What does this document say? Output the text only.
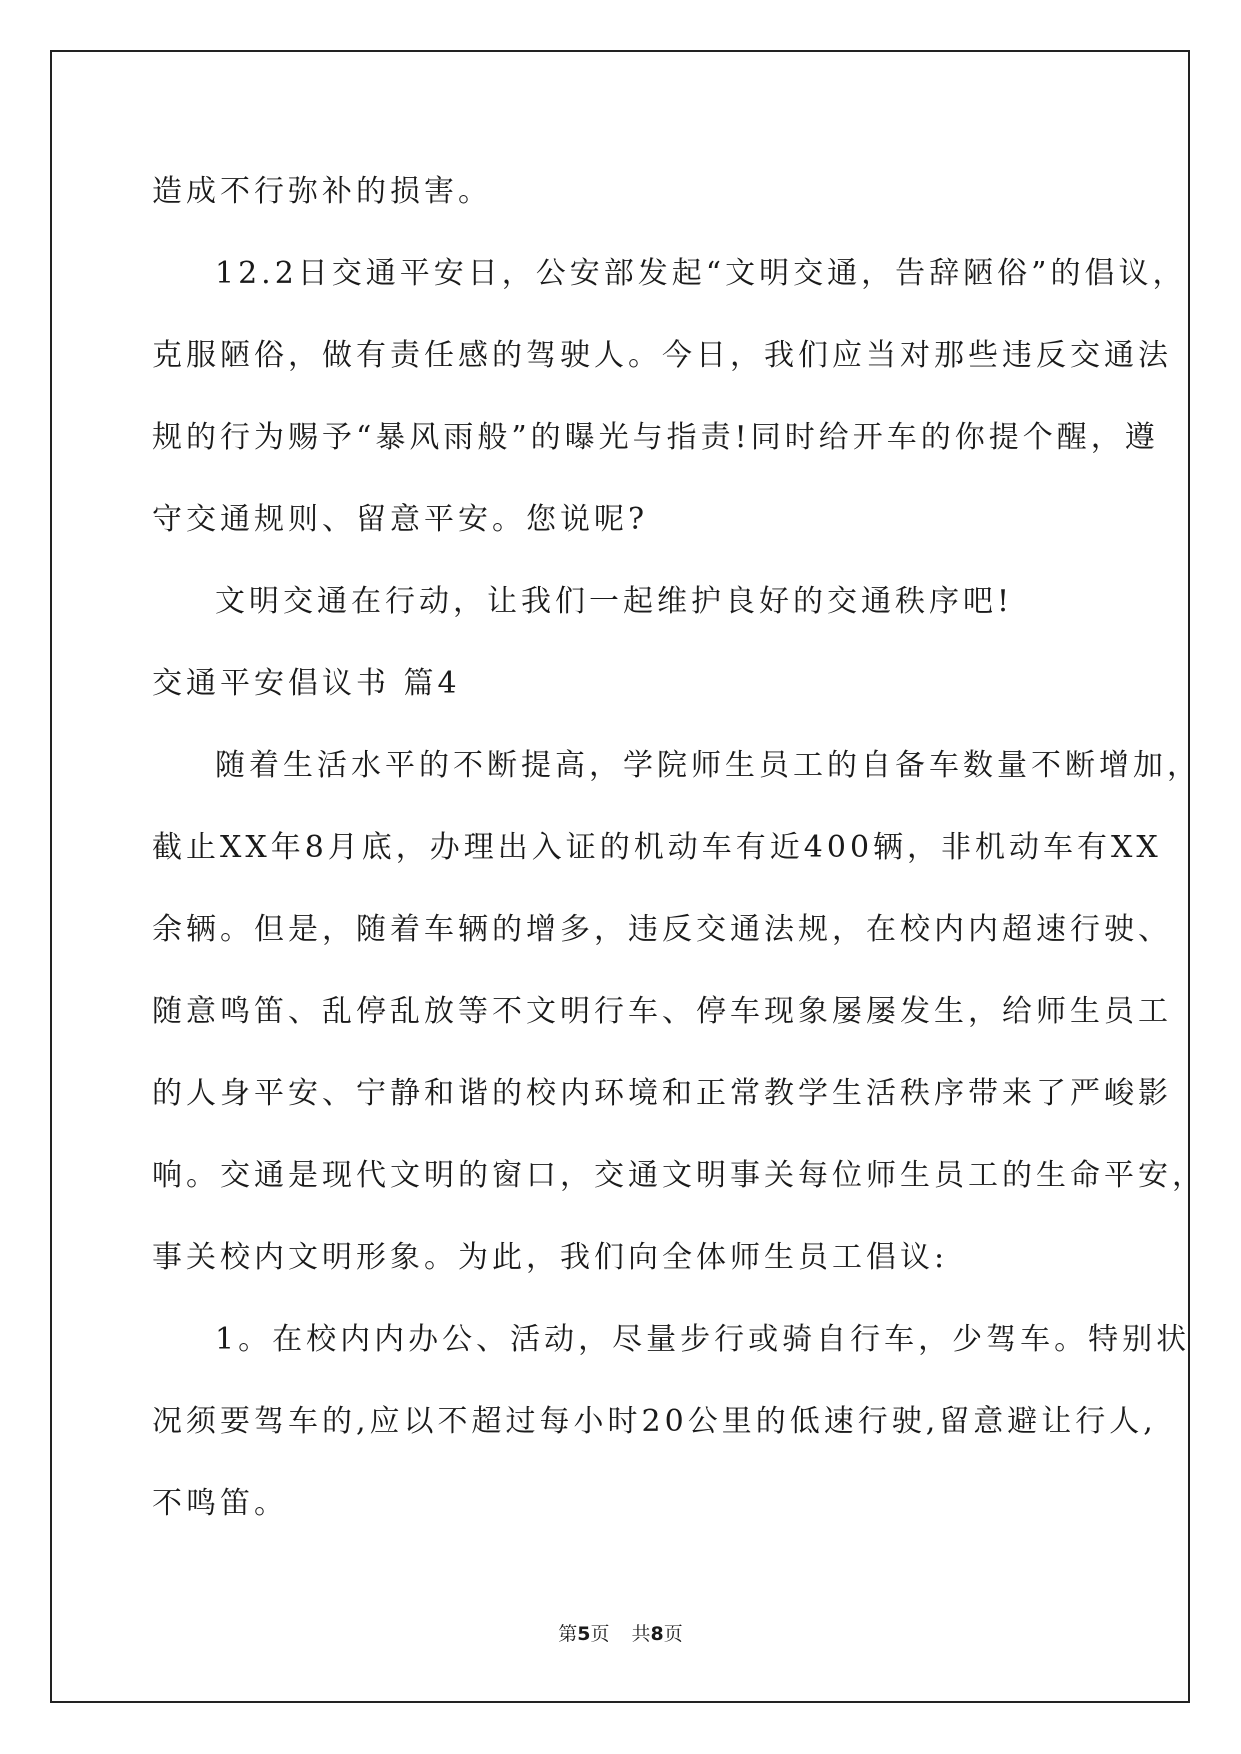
造成不行弥补的损害。
12.2日交通平安日，公安部发起“文明交通，告辞陋俗”的倡议，
克服陋俗，做有责任感的驾驶人。今日，我们应当对那些违反交通法
规的行为赐予“暴风雨般”的曝光与指责!同时给开车的你提个醒，遵
守交通规则、留意平安。您说呢?
文明交通在行动，让我们一起维护良好的交通秩序吧!
交通平安倡议书 篇4
随着生活水平的不断提高，学院师生员工的自备车数量不断增加，
截止XX年8月底，办理出入证的机动车有近400辆，非机动车有XX
余辆。但是，随着车辆的增多，违反交通法规，在校内内超速行驶、
随意鸣笛、乱停乱放等不文明行车、停车现象屡屡发生，给师生员工
的人身平安、宁静和谐的校内环境和正常教学生活秩序带来了严峻影
响。交通是现代文明的窗口，交通文明事关每位师生员工的生命平安，
事关校内文明形象。为此，我们向全体师生员工倡议:
1。在校内内办公、活动，尽量步行或骑自行车，少驾车。特别状
况须要驾车的,应以不超过每小时20公里的低速行驶,留意避让行人,
不鸣笛。
第5页 共8页
